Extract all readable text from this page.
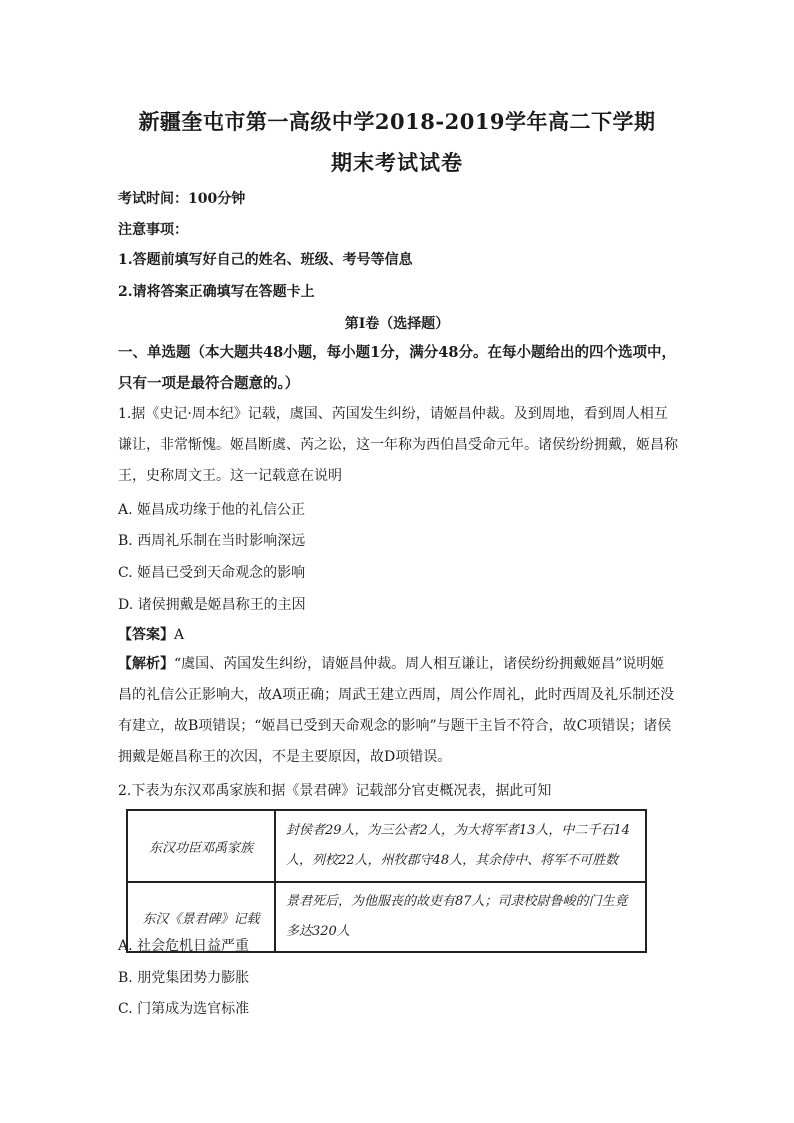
新疆奎屯市第一高级中学2018-2019学年高二下学期
期末考试试卷
考试时间：100分钟
注意事项：
1.答题前填写好自己的姓名、班级、考号等信息
2.请将答案正确填写在答题卡上
第I卷（选择题）
一、单选题（本大题共48小题，每小题1分，满分48分。在每小题给出的四个选项中，只有一项是最符合题意的。）
1.据《史记·周本纪》记载，虞国、芮国发生纠纷，请姬昌仲裁。及到周地，看到周人相互谦让，非常惭愧。姬昌断虞、芮之讼，这一年称为西伯昌受命元年。诸侯纷纷拥戴，姬昌称王，史称周文王。这一记载意在说明
A. 姬昌成功缘于他的礼信公正
B. 西周礼乐制在当时影响深远
C. 姬昌已受到天命观念的影响
D. 诸侯拥戴是姬昌称王的主因
【答案】A
【解析】“虞国、芮国发生纠纷，请姬昌仲裁。周人相互谦让，诸侯纷纷拥戴姬昌”说明姬昌的礼信公正影响大，故A项正确；周武王建立西周，周公作周礼，此时西周及礼乐制还没有建立，故B项错误；“姬昌已受到天命观念的影响”与题干主旨不符合，故C项错误；诸侯拥戴是姬昌称王的次因，不是主要原因，故D项错误。
2.下表为东汉邓禹家族和据《景君碑》记载部分官吏概况表，据此可知
东汉功臣邓禹家族	封侯者29人，为三公者2人，为大将军者13人，中二千石14人，列校22人，州牧郡守48人，其余侍中、将军不可胜数
东汉《景君碑》记载	景君死后，为他服丧的故吏有87人；司隶校尉鲁峻的门生竟多达320人
A. 社会危机日益严重
B. 朋党集团势力膨胀
C. 门第成为选官标准
